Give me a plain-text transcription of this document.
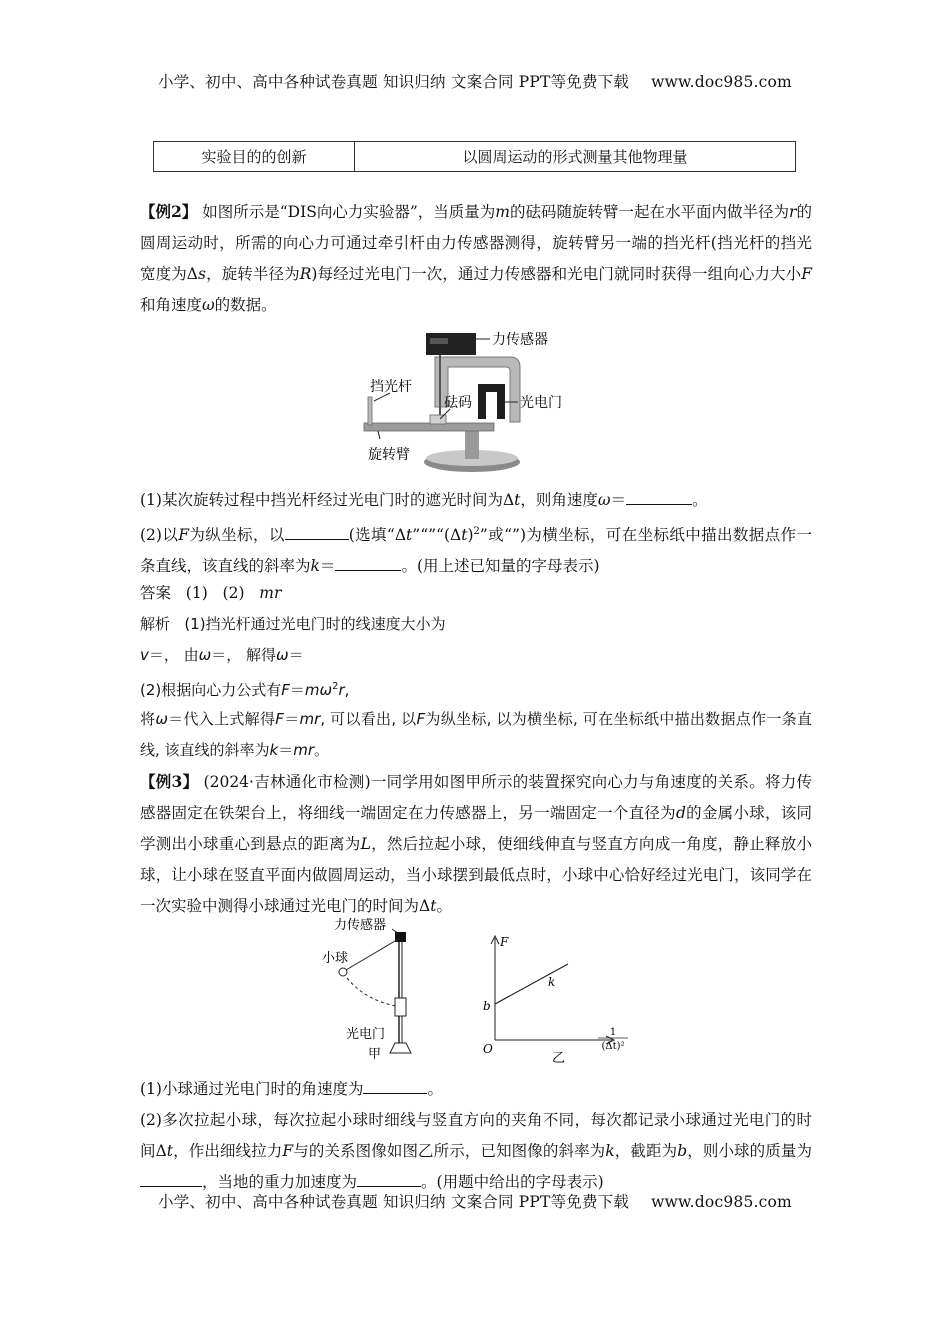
小学、初中、高中各种试卷真题 知识归纳 文案合同 PPT等免费下载 www.doc985.com
实验目的的创新	以圆周运动的形式测量其他物理量
【例2】 如图所示是“DIS向心力实验器”，当质量为m的砝码随旋转臂一起在水平面内做半径为r的圆周运动时，所需的向心力可通过牵引杆由力传感器测得，旋转臂另一端的挡光杆(挡光杆的挡光宽度为Δs，旋转半径为R)每经过光电门一次，通过力传感器和光电门就同时获得一组向心力大小F和角速度ω的数据。
力传感器
光电门
砝码
挡光杆
旋转臂
(1)某次旋转过程中挡光杆经过光电门时的遮光时间为Δt，则角速度ω＝	。
(2)以F为纵坐标，以	(选填“$\Delta t”“”“(\Delta t)^2$”或“”)为横坐标，可在坐标纸中描出数据点作一条直线，该直线的斜率为k＝	。(用上述已知量的字母表示)
答案 (1) (2) mr
解析 (1)挡光杆通过光电门时的线速度大小为
v＝， 由ω＝， 解得ω＝
(2)根据向心力公式有$F=m\omega^2r$,
将ω＝代入上式解得F＝mr, 可以看出, 以F为纵坐标, 以为横坐标, 可在坐标纸中描出数据点作一条直线, 该直线的斜率为k＝mr。
【例3】 (2024·吉林通化市检测)一同学用如图甲所示的装置探究向心力与角速度的关系。将力传感器固定在铁架台上，将细线一端固定在力传感器上，另一端固定一个直径为d的金属小球，该同学测出小球重心到悬点的距离为L，然后拉起小球，使细线伸直与竖直方向成一角度，静止释放小球，让小球在竖直平面内做圆周运动，当小球摆到最低点时，小球中心恰好经过光电门，该同学在一次实验中测得小球通过光电门的时间为Δt。
力传感器
小球
光电门
甲
F
b
k
O
1
(Δt)²
乙
(1)小球通过光电门时的角速度为	。
(2)多次拉起小球，每次拉起小球时细线与竖直方向的夹角不同，每次都记录小球通过光电门的时间Δt，作出细线拉力F与的关系图像如图乙所示，已知图像的斜率为k，截距为b，则小球的质量为，当地的重力加速度为	。(用题中给出的字母表示)
小学、初中、高中各种试卷真题 知识归纳 文案合同 PPT等免费下载 www.doc985.com
